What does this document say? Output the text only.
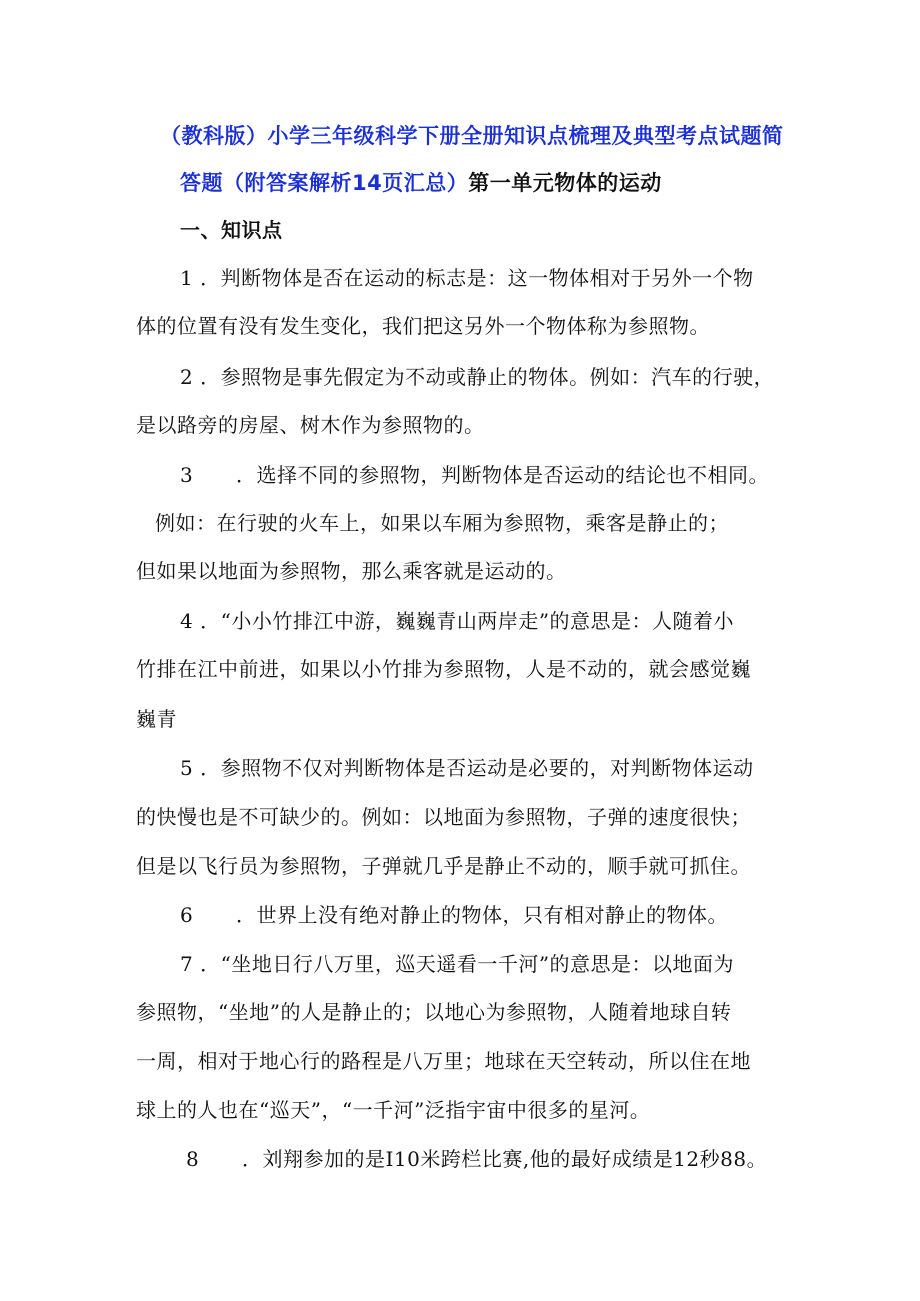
（教科版）小学三年级科学下册全册知识点梳理及典型考点试题简
答题（附答案解析14页汇总）第一单元物体的运动
一、知识点
1 ．判断物体是否在运动的标志是：这一物体相对于另外一个物
体的位置有没有发生变化，我们把这另外一个物体称为参照物。
2 ．参照物是事先假定为不动或静止的物体。例如：汽车的行驶，
是以路旁的房屋、树木作为参照物的。
3 ．选择不同的参照物，判断物体是否运动的结论也不相同。
例如：在行驶的火车上，如果以车厢为参照物，乘客是静止的；
但如果以地面为参照物，那么乘客就是运动的。
4 ．“小小竹排江中游，巍巍青山两岸走”的意思是：人随着小
竹排在江中前进，如果以小竹排为参照物，人是不动的，就会感觉巍
巍青
5 ．参照物不仅对判断物体是否运动是必要的，对判断物体运动
的快慢也是不可缺少的。例如：以地面为参照物，子弹的速度很快；
但是以飞行员为参照物，子弹就几乎是静止不动的，顺手就可抓住。
6 ．世界上没有绝对静止的物体，只有相对静止的物体。
7 ．“坐地日行八万里，巡天遥看一千河”的意思是：以地面为
参照物，“坐地”的人是静止的；以地心为参照物，人随着地球自转
一周，相对于地心行的路程是八万里；地球在天空转动，所以住在地
球上的人也在“巡天”，“一千河”泛指宇宙中很多的星河。
8 ．刘翔参加的是I10米跨栏比赛,他的最好成绩是12秒88。
